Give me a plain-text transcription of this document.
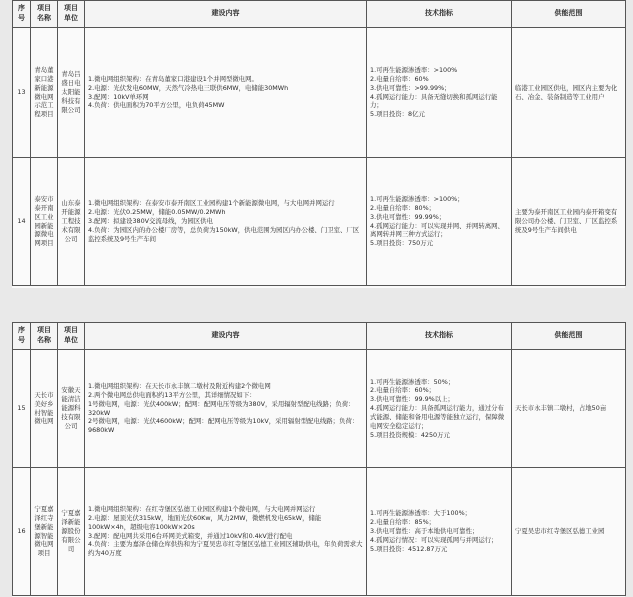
序号	项目名称	项目单位	建设内容	技术指标	供能范围
13	青岛董家口港新能源微电网示范工程项目	青岛吕盛日电太阳能科技有限公司	1.微电网组织架构：在青岛董家口港建设1个并网型微电网。
2.电源：光伏发电60MW，天然气冷热电三联供6MW，电储能30MWh
3.配网：10kV单环网
4.负荷：供电面积为70平方公里，电负荷45MW	1.可再生能源渗透率：>100%
2.电量自给率：60%
3.供电可靠性：>99.99%；
4.孤网运行能力：具备无缝切换和孤网运行能力；
5.项目投资：8亿元	临港工业园区供电，园区内主要为化石、冶金、装备制造等工业用户
14	泰安市泰开南区工业园新能源微电网项目	山东泰开能源工程技术有限公司	1.微电网组织架构：在泰安市泰开南区工业园构建1个新能源微电网，与大电网并网运行
2.电源：光伏0.25MW，储能0.05MW/0.2MWh
3.配网：拟建设380V交流母线，为园区供电
4.负荷：为园区内的办公楼厂房等，总负荷为150kW，供电范围为园区内办公楼、门卫室、厂区监控系统及9号生产车间	1.可再生能源渗透率：>100%；
2.电量自给率：80%；
3.供电可靠性：99.99%；
4.孤网运行能力：可以实现并网、并网转离网、离网转并网三种方式运行；
5.项目投资：750万元	主要为泰开南区工业园内泰开箱变有限公司办公楼、门卫室、厂区监控系统及9号生产车间供电
序号	项目名称	项目单位	建设内容	技术指标	供能范围
15	天长市美好乡村智能微电网	安徽天能清洁能源科技有限公司	1.微电网组织架构：在天长市永丰镇二墩村及附近构建2个微电网
2.两个微电网总供电面积约13平方公里，其详细情况如下：
1号微电网，电源：光伏400kW；配网：配网电压等级为380V，采用辐射型配电线路；负荷：320kW
2号微电网，电源：光伏4600kW；配网：配网电压等级为10kV，采用辐射型配电线路；负荷：9680kW	1.可再生能源渗透率：50%；
2.电量自给率：60%；
3.供电可靠性：99.9%以上；
4.孤网运行能力：具备孤网运行能力，通过分布式能源、储能和备用电源等能独立运行，保障微电网安全稳定运行；
5.项目投资规模：4250万元	天长市永丰镇二墩村，占地50亩
16	宁夏嘉泽红寺堡新能源智能微电网项目	宁夏嘉泽新能源股份有限公司	1.微电网组织架构：在红寺堡区弘德工业园区构建1个微电网，与大电网并网运行
2.电源：屋顶光伏315kW，地面光伏60Kw，风力2MW，微燃机发电65kW，储能100kW×4h，超级电容100kW×20s
3.配网：配电网共采用6台环网美式箱变，并通过10kV和0.4kV进行配电
4.负荷：主要为嘉泽仓储仓库供热和为宁夏吴忠市红寺堡区弘德工业园区辅助供电，年负荷需求大约为40万度	1.可再生能源渗透率：大于100%；
2.电量自给率：85%；
3.供电可靠性：高于本地供电可靠性；
4.孤网运行情况：可以实现孤网与并网运行；
5.项目投资：4512.87万元	宁夏吴忠市红寺堡区弘德工业园
